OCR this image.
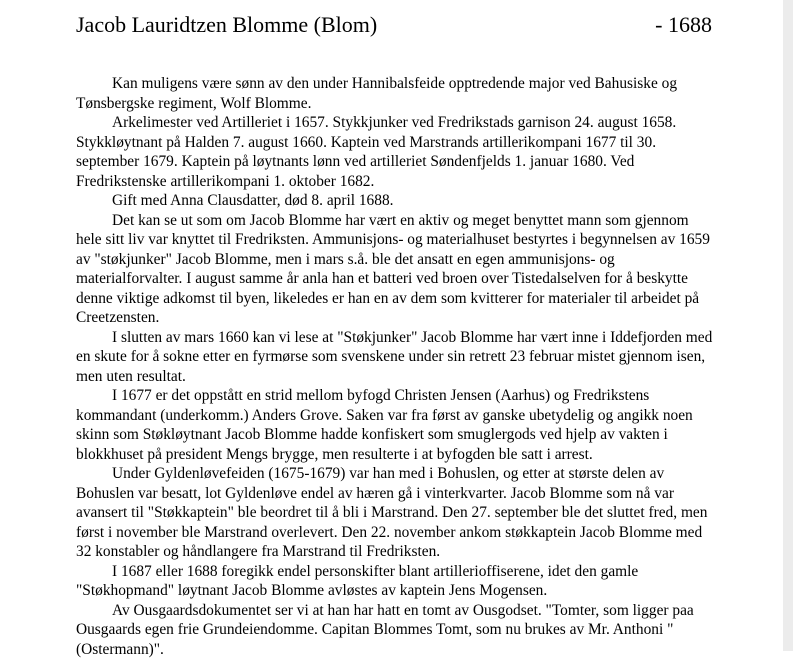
Jacob Lauridtzen Blomme (Blom)	- 1688

Kan muligens være sønn av den under Hannibalsfeide opptredende major ved Bahusiske og Tønsbergske regiment, Wolf Blomme.

Arkelimester ved Artilleriet i 1657. Stykkjunker ved Fredrikstads garnison 24. august 1658. Stykkløytnant på Halden 7. august 1660. Kaptein ved Marstrands artillerikompani 1677 til 30. september 1679. Kaptein på løytnants lønn ved artilleriet Søndenfjelds 1. januar 1680. Ved Fredrikstenske artillerikompani 1. oktober 1682.

Gift med Anna Clausdatter, død 8. april 1688.

Det kan se ut som om Jacob Blomme har vært en aktiv og meget benyttet mann som gjennom hele sitt liv var knyttet til Fredriksten. Ammunisjons- og materialhuset bestyrtes i begynnelsen av 1659 av "støkjunker" Jacob Blomme, men i mars s.å. ble det ansatt en egen ammunisjons- og materialforvalter. I august samme år anla han et batteri ved broen over Tistedalselven for å beskytte denne viktige adkomst til byen, likeledes er han en av dem som kvitterer for materialer til arbeidet på Creetzensten.

I slutten av mars 1660 kan vi lese at "Støkjunker" Jacob Blomme har vært inne i Iddefjorden med en skute for å sokne etter en fyrmørse som svenskene under sin retrett 23 februar mistet gjennom isen, men uten resultat.

I 1677 er det oppstått en strid mellom byfogd Christen Jensen (Aarhus) og Fredrikstens kommandant (underkomm.) Anders Grove. Saken var fra først av ganske ubetydelig og angikk noen skinn som Støkløytnant Jacob Blomme hadde konfiskert som smuglergods ved hjelp av vakten i blokkhuset på president Mengs brygge, men resulterte i at byfogden ble satt i arrest.

Under Gyldenløvefeiden (1675-1679) var han med i Bohuslen, og etter at største delen av Bohuslen var besatt, lot Gyldenløve endel av hæren gå i vinterkvarter. Jacob Blomme som nå var avansert til "Støkkaptein" ble beordret til å bli i Marstrand. Den 27. september ble det sluttet fred, men først i november ble Marstrand overlevert. Den 22. november ankom støkkaptein Jacob Blomme med 32 konstabler og håndlangere fra Marstrand til Fredriksten.

I 1687 eller 1688 foregikk endel personskifter blant artillerioffiserene, idet den gamle "Støkhopmand" løytnant Jacob Blomme avløstes av kaptein Jens Mogensen.

Av Ousgaardsdokumentet ser vi at han har hatt en tomt av Ousgodset. "Tomter, som ligger paa Ousgaards egen frie Grundeiendomme. Capitan Blommes Tomt, som nu brukes av Mr. Anthoni "(Ostermann)".
